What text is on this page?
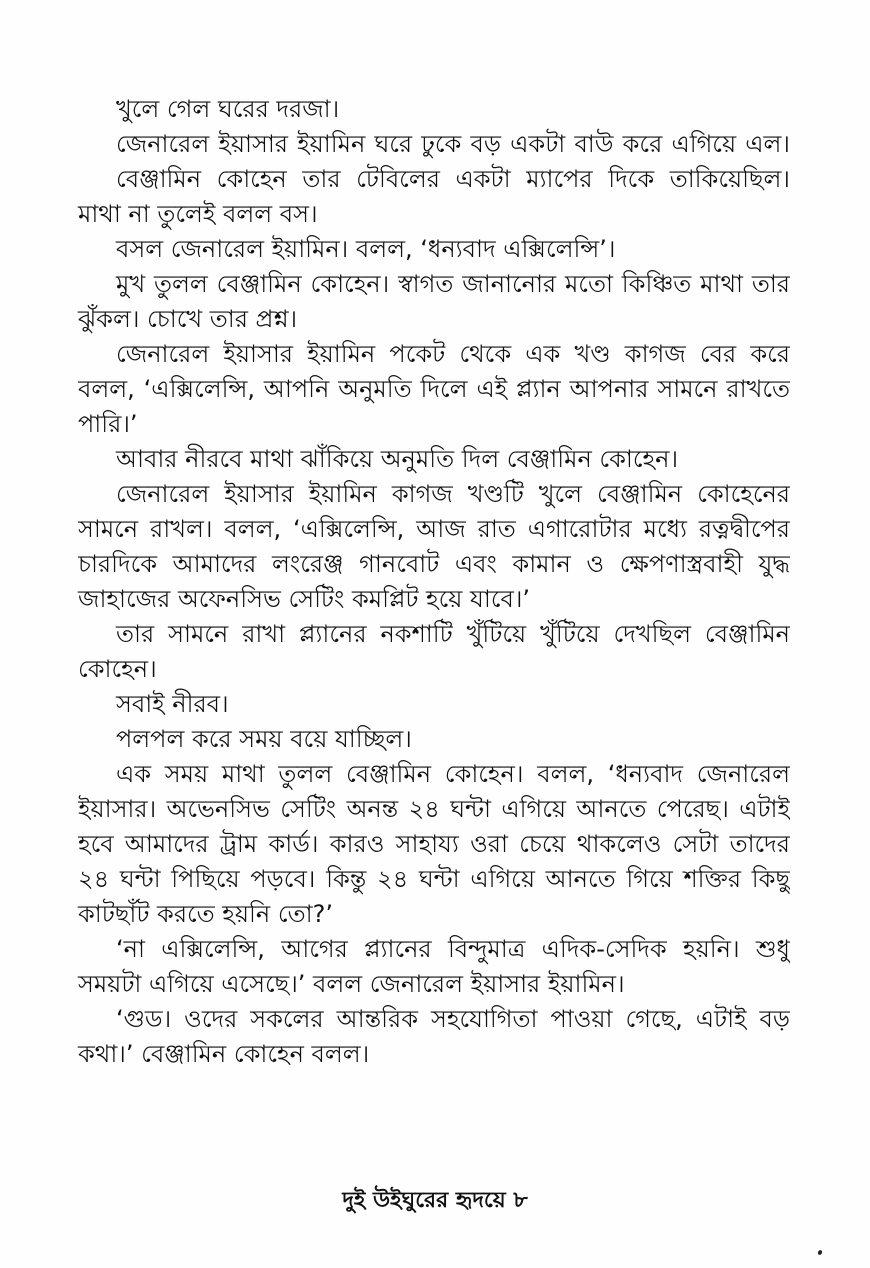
খুলে গেল ঘরের দরজা।
জেনারেল ইয়াসার ইয়ামিন ঘরে ঢুকে বড় একটা বাউ করে এগিয়ে এল।
বেঞ্জামিন কোহেন তার টেবিলের একটা ম্যাপের দিকে তাকিয়েছিল।
মাথা না তুলেই বলল বস।
বসল জেনারেল ইয়ামিন। বলল, ‘ধন্যবাদ এক্সিলেন্সি’।
মুখ তুলল বেঞ্জামিন কোহেন। স্বাগত জানানোর মতো কিঞ্চিত মাথা তার
ঝুঁকল। চোখে তার প্রশ্ন।
জেনারেল ইয়াসার ইয়ামিন পকেট থেকে এক খণ্ড কাগজ বের করে
বলল, ‘এক্সিলেন্সি, আপনি অনুমতি দিলে এই প্ল্যান আপনার সামনে রাখতে
পারি।’
আবার নীরবে মাথা ঝাঁকিয়ে অনুমতি দিল বেঞ্জামিন কোহেন।
জেনারেল ইয়াসার ইয়ামিন কাগজ খণ্ডটি খুলে বেঞ্জামিন কোহেনের
সামনে রাখল। বলল, ‘এক্সিলেন্সি, আজ রাত এগারোটার মধ্যে রত্নদ্বীপের
চারদিকে আমাদের লংরেঞ্জ গানবোট এবং কামান ও ক্ষেপণাস্ত্রবাহী যুদ্ধ
জাহাজের অফেনসিভ সেটিং কমপ্লিট হয়ে যাবে।’
তার সামনে রাখা প্ল্যানের নকশাটি খুঁটিয়ে খুঁটিয়ে দেখছিল বেঞ্জামিন
কোহেন।
সবাই নীরব।
পলপল করে সময় বয়ে যাচ্ছিল।
এক সময় মাথা তুলল বেঞ্জামিন কোহেন। বলল, ‘ধন্যবাদ জেনারেল
ইয়াসার। অভেনসিভ সেটিং অনন্ত ২৪ ঘন্টা এগিয়ে আনতে পেরেছ। এটাই
হবে আমাদের ট্রাম কার্ড। কারও সাহায্য ওরা চেয়ে থাকলেও সেটা তাদের
২৪ ঘন্টা পিছিয়ে পড়বে। কিন্তু ২৪ ঘন্টা এগিয়ে আনতে গিয়ে শক্তির কিছু
কাটছাঁট করতে হয়নি তো?’
‘না এক্সিলেন্সি, আগের প্ল্যানের বিন্দুমাত্র এদিক-সেদিক হয়নি। শুধু
সময়টা এগিয়ে এসেছে।’ বলল জেনারেল ইয়াসার ইয়ামিন।
‘গুড। ওদের সকলের আন্তরিক সহযোগিতা পাওয়া গেছে, এটাই বড়
কথা।’ বেঞ্জামিন কোহেন বলল।
দুই উইঘুরের হৃদয়ে ৮
